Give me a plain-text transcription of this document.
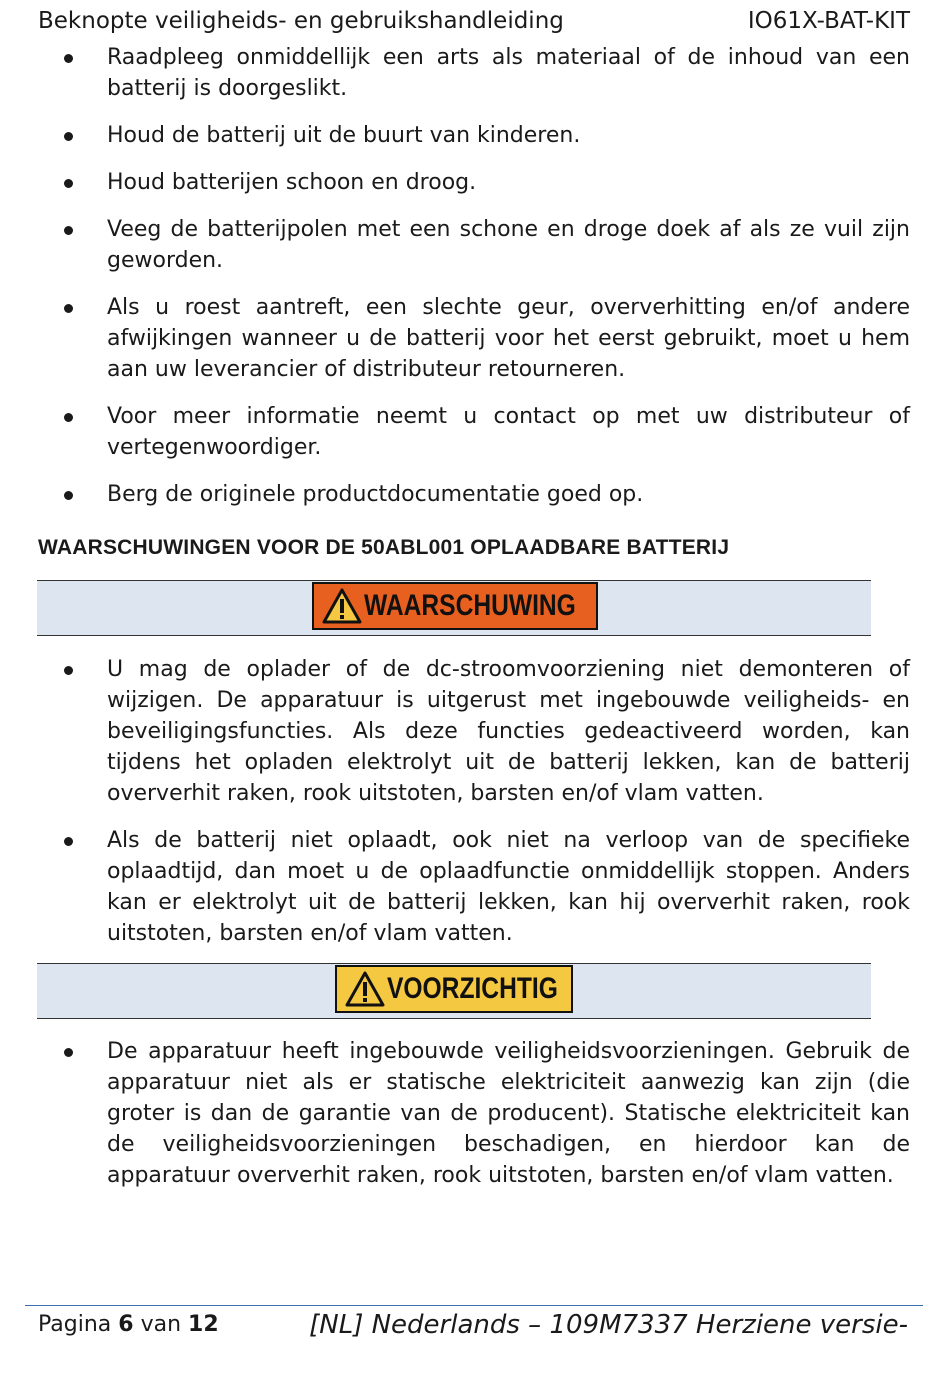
Beknopte veiligheids- en gebruikshandleiding	IO61X-BAT-KIT
Raadpleeg onmiddellijk een arts als materiaal of de inhoud van een batterij is doorgeslikt.
Houd de batterij uit de buurt van kinderen.
Houd batterijen schoon en droog.
Veeg de batterijpolen met een schone en droge doek af als ze vuil zijn geworden.
Als u roest aantreft, een slechte geur, oververhitting en/of andere afwijkingen wanneer u de batterij voor het eerst gebruikt, moet u hem aan uw leverancier of distributeur retourneren.
Voor meer informatie neemt u contact op met uw distributeur of vertegenwoordiger.
Berg de originele productdocumentatie goed op.
WAARSCHUWINGEN VOOR DE 50ABL001 OPLAADBARE BATTERIJ
WAARSCHUWING
U mag de oplader of de dc-stroomvoorziening niet demonteren of wijzigen. De apparatuur is uitgerust met ingebouwde veiligheids- en beveiligingsfuncties. Als deze functies gedeactiveerd worden, kan tijdens het opladen elektrolyt uit de batterij lekken, kan de batterij oververhit raken, rook uitstoten, barsten en/of vlam vatten.
Als de batterij niet oplaadt, ook niet na verloop van de specifieke oplaadtijd, dan moet u de oplaadfunctie onmiddellijk stoppen. Anders kan er elektrolyt uit de batterij lekken, kan hij oververhit raken, rook uitstoten, barsten en/of vlam vatten.
VOORZICHTIG
De apparatuur heeft ingebouwde veiligheidsvoorzieningen. Gebruik de apparatuur niet als er statische elektriciteit aanwezig kan zijn (die groter is dan de garantie van de producent). Statische elektriciteit kan de veiligheidsvoorzieningen beschadigen, en hierdoor kan de apparatuur oververhit raken, rook uitstoten, barsten en/of vlam vatten.
Pagina 6 van 12	[NL] Nederlands – 109M7337 Herziene versie-
